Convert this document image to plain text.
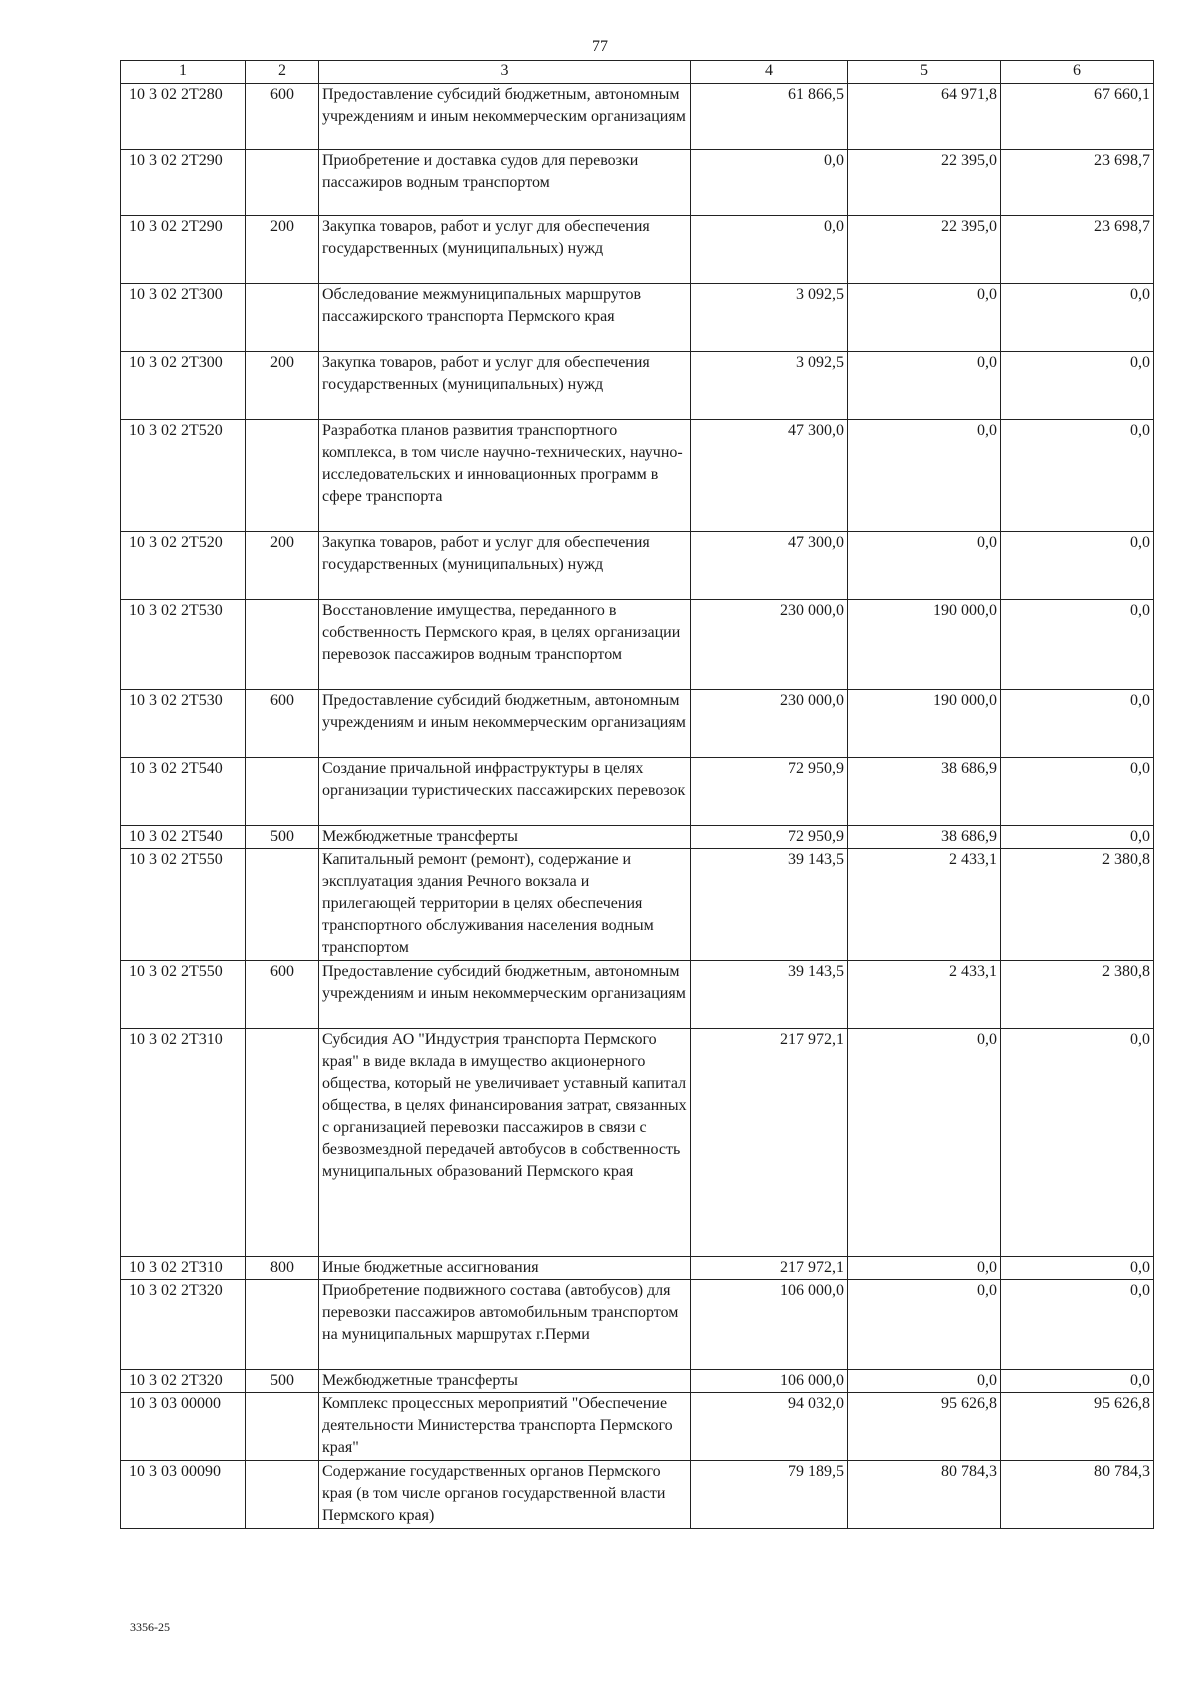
77
1	2	3	4	5	6
10 3 02 2Т280	600	Предоставление субсидий бюджетным, автономным учреждениям и иным некоммерческим организациям	61 866,5	64 971,8	67 660,1
10 3 02 2Т290		Приобретение и доставка судов для перевозки пассажиров водным транспортом	0,0	22 395,0	23 698,7
10 3 02 2Т290	200	Закупка товаров, работ и услуг для обеспечения государственных (муниципальных) нужд	0,0	22 395,0	23 698,7
10 3 02 2Т300		Обследование межмуниципальных маршрутов пассажирского транспорта Пермского края	3 092,5	0,0	0,0
10 3 02 2Т300	200	Закупка товаров, работ и услуг для обеспечения государственных (муниципальных) нужд	3 092,5	0,0	0,0
10 3 02 2Т520		Разработка планов развития транспортного комплекса, в том числе научно-технических, научно-исследовательских и инновационных программ в сфере транспорта	47 300,0	0,0	0,0
10 3 02 2Т520	200	Закупка товаров, работ и услуг для обеспечения государственных (муниципальных) нужд	47 300,0	0,0	0,0
10 3 02 2Т530		Восстановление имущества, переданного в собственность Пермского края, в целях организации перевозок пассажиров водным транспортом	230 000,0	190 000,0	0,0
10 3 02 2Т530	600	Предоставление субсидий бюджетным, автономным учреждениям и иным некоммерческим организациям	230 000,0	190 000,0	0,0
10 3 02 2Т540		Создание причальной инфраструктуры в целях организации туристических пассажирских перевозок	72 950,9	38 686,9	0,0
10 3 02 2Т540	500	Межбюджетные трансферты	72 950,9	38 686,9	0,0
10 3 02 2Т550		Капитальный ремонт (ремонт), содержание и эксплуатация здания Речного вокзала и прилегающей территории в целях обеспечения транспортного обслуживания населения водным транспортом	39 143,5	2 433,1	2 380,8
10 3 02 2Т550	600	Предоставление субсидий бюджетным, автономным учреждениям и иным некоммерческим организациям	39 143,5	2 433,1	2 380,8
10 3 02 2Т310		Субсидия АО "Индустрия транспорта Пермского края" в виде вклада в имущество акционерного общества, который не увеличивает уставный капитал общества, в целях финансирования затрат, связанных с организацией перевозки пассажиров в связи с безвозмездной передачей автобусов в собственность муниципальных образований Пермского края	217 972,1	0,0	0,0
10 3 02 2Т310	800	Иные бюджетные ассигнования	217 972,1	0,0	0,0
10 3 02 2Т320		Приобретение подвижного состава (автобусов) для перевозки пассажиров автомобильным транспортом на муниципальных маршрутах г.Перми	106 000,0	0,0	0,0
10 3 02 2Т320	500	Межбюджетные трансферты	106 000,0	0,0	0,0
10 3 03 00000		Комплекс процессных мероприятий "Обеспечение деятельности Министерства транспорта Пермского края"	94 032,0	95 626,8	95 626,8
10 3 03 00090		Содержание государственных органов Пермского края (в том числе органов государственной власти Пермского края)	79 189,5	80 784,3	80 784,3
3356-25
